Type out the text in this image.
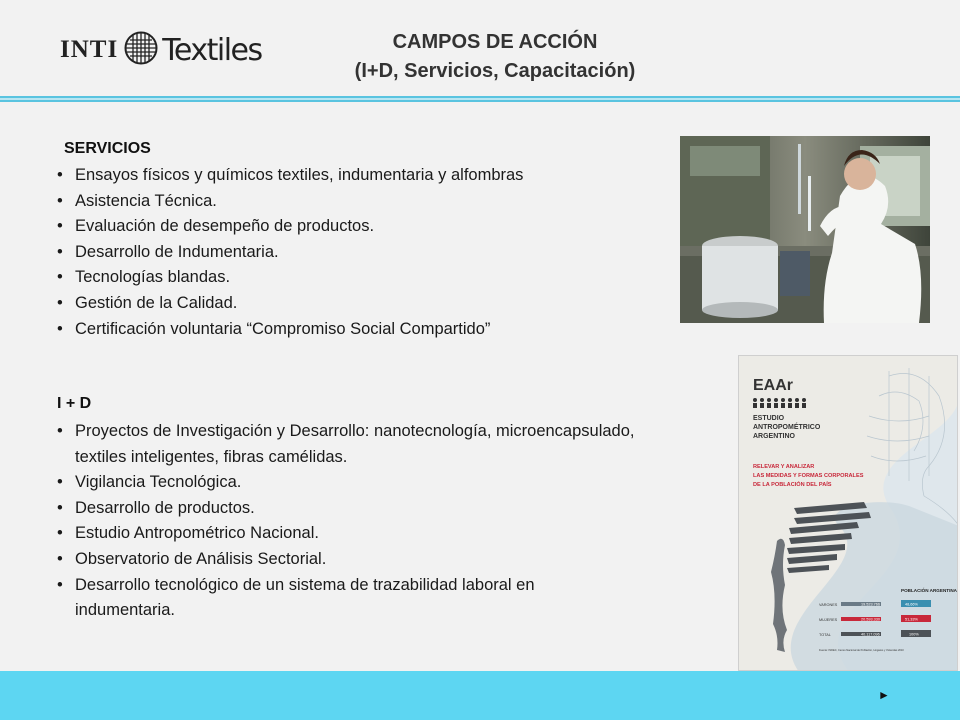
INTI Textiles	CAMPOS DE ACCIÓN
(I+D, Servicios, Capacitación)
SERVICIOS
• Ensayos físicos y químicos textiles, indumentaria y alfombras
• Asistencia Técnica.
• Evaluación de desempeño de productos.
• Desarrollo de Indumentaria.
• Tecnologías blandas.
• Gestión de la Calidad.
• Certificación voluntaria “Compromiso Social Compartido”
I + D
• Proyectos de Investigación y Desarrollo: nanotecnología, microencapsulado,
textiles inteligentes, fibras camélidas.
• Vigilancia Tecnológica.
• Desarrollo de productos.
• Estudio Antropométrico Nacional.
• Observatorio de Análisis Sectorial.
• Desarrollo tecnológico de un sistema de trazabilidad laboral en
indumentaria.
EAAr
ESTUDIO
ANTROPOMÉTRICO
ARGENTINO
RELEVAR Y ANALIZAR
LAS MEDIDAS Y FORMAS CORPORALES
DE LA POBLACIÓN DEL PAÍS
POBLACIÓN ARGENTINA
VARONES	19.523.766	48,66%
MUJERES	20.593.330	51,33%
TOTAL	40.117.096	100%
Fuente: INDEC, Censo Nacional de Población, Hogares y Viviendas 2010
►
